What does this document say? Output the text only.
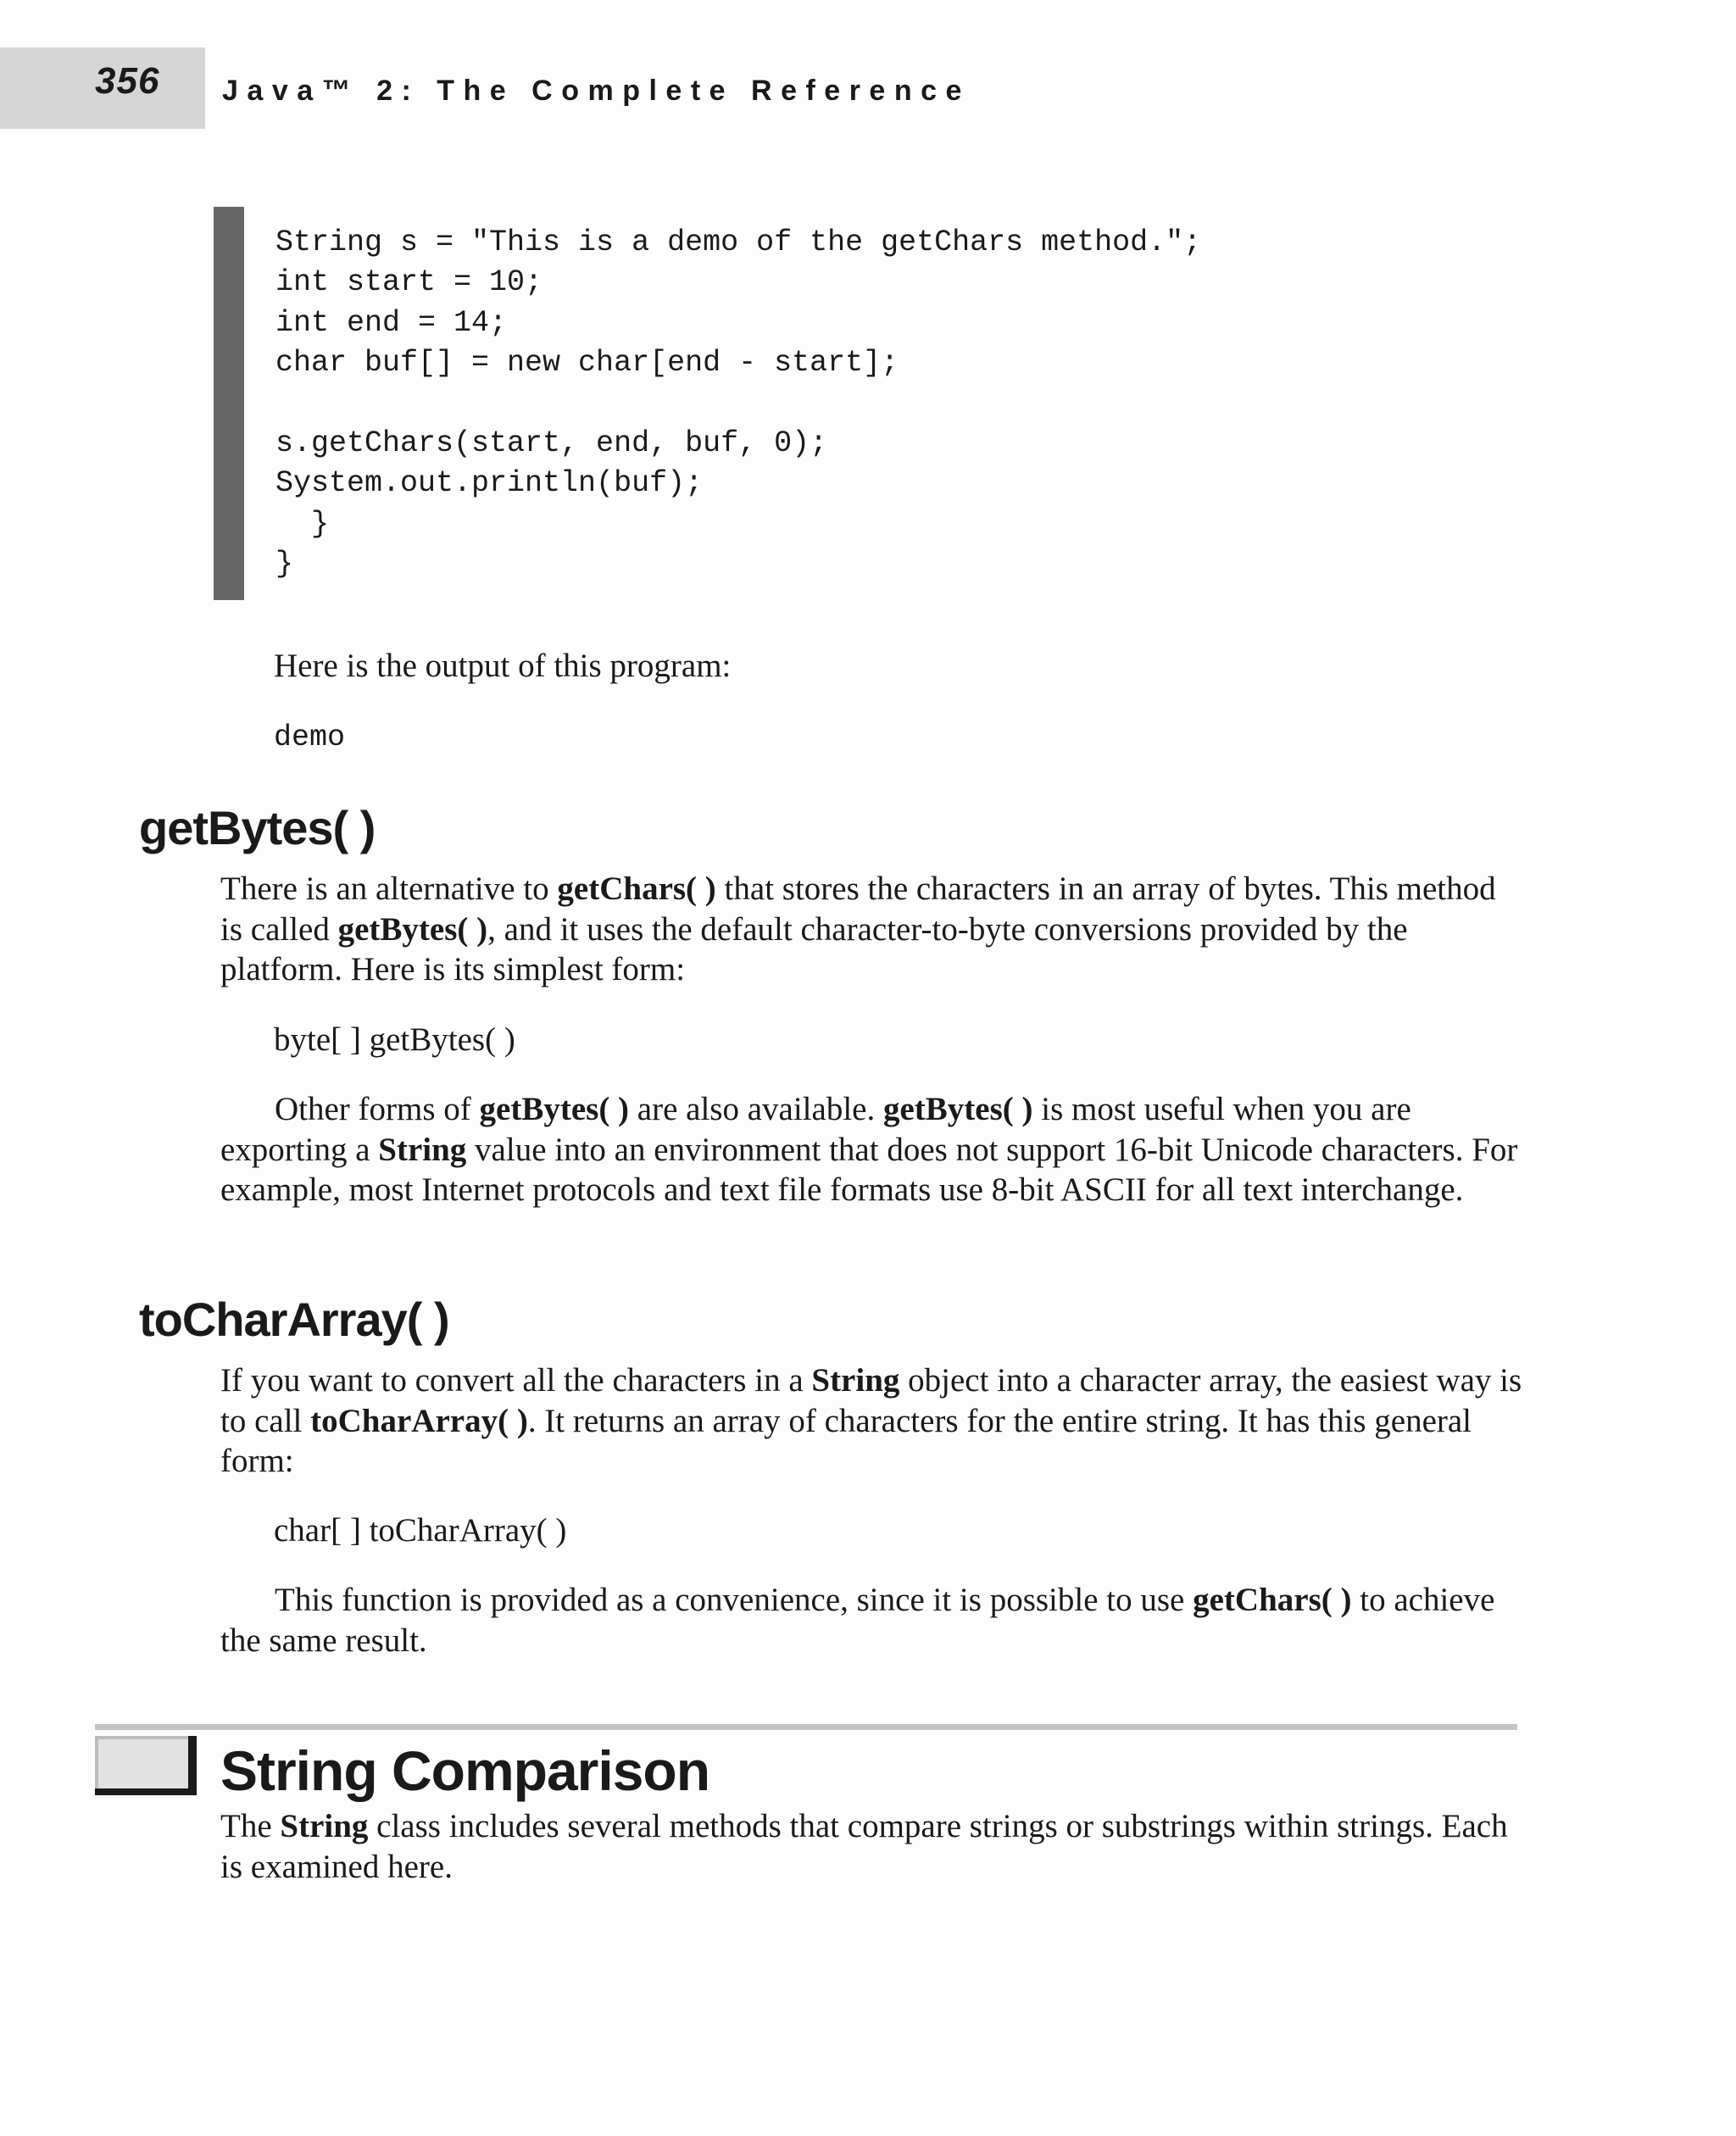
356 Java™ 2: The Complete Reference
String s = "This is a demo of the getChars method.";
int start = 10;
int end = 14;
char buf[] = new char[end - start];

s.getChars(start, end, buf, 0);
System.out.println(buf);
}
}

Here is the output of this program:

demo

getBytes( )

There is an alternative to getChars( ) that stores the characters in an array of bytes. This method is called getBytes( ), and it uses the default character-to-byte conversions provided by the platform. Here is its simplest form:

byte[ ] getBytes( )

Other forms of getBytes( ) are also available. getBytes( ) is most useful when you are exporting a String value into an environment that does not support 16-bit Unicode characters. For example, most Internet protocols and text file formats use 8-bit ASCII for all text interchange.

toCharArray( )

If you want to convert all the characters in a String object into a character array, the easiest way is to call toCharArray( ). It returns an array of characters for the entire string. It has this general form:

char[ ] toCharArray( )

This function is provided as a convenience, since it is possible to use getChars( ) to achieve the same result.

String Comparison

The String class includes several methods that compare strings or substrings within strings. Each is examined here.
